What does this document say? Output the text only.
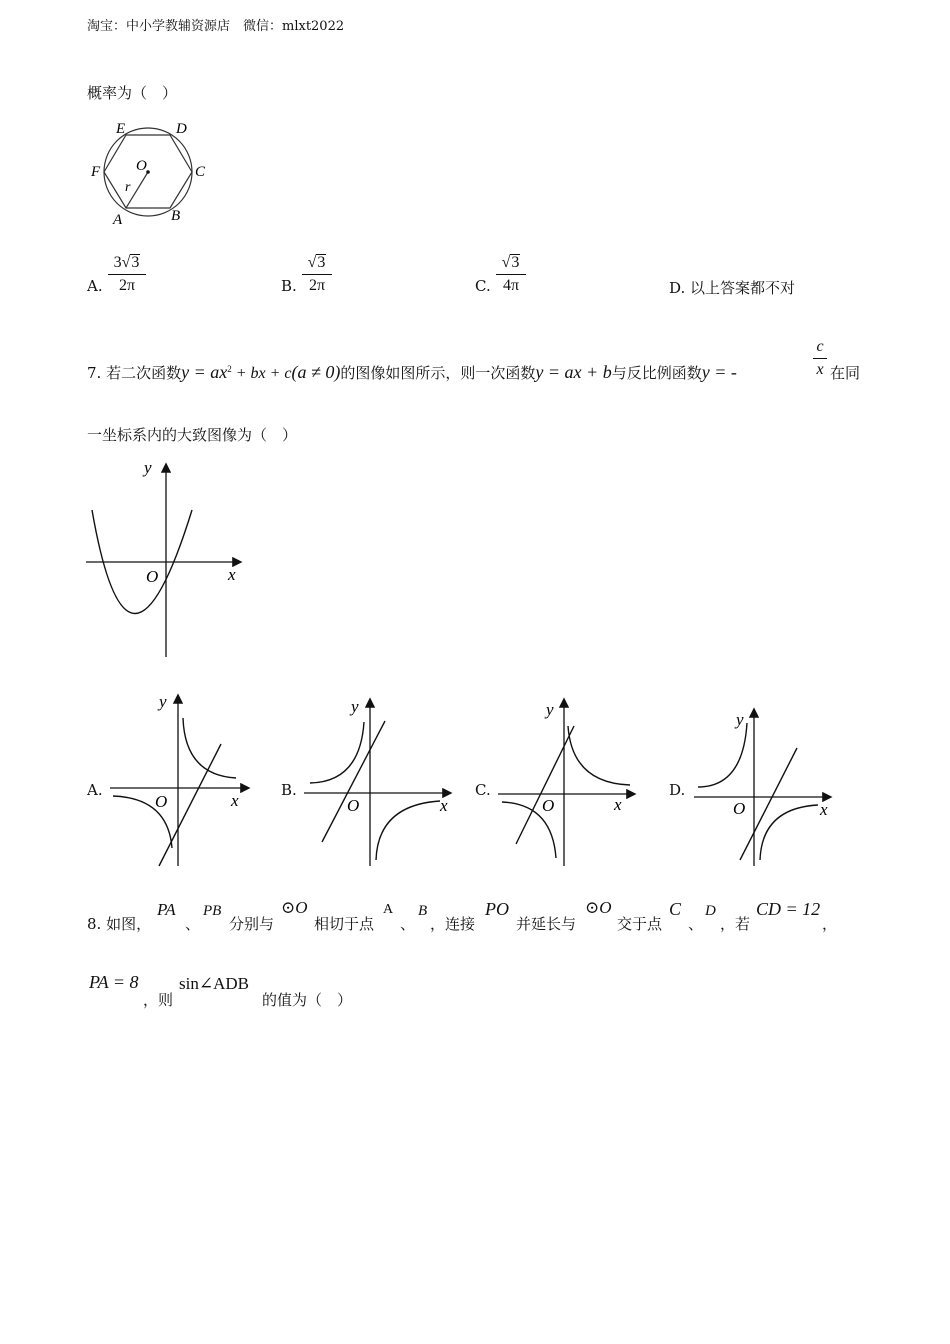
淘宝：中小学教辅资源店　微信：mlxt2022
概率为（　）
E	D
F	C
O
r
A	B
A.
3√3
2π	B.
√3
2π	C.
√3
4π	D. 以上答案都不对
7. 若二次函数$y = ax^2$ + bx + c(a ≠ 0)的图像如图所示，则一次函数y = ax + b与反比例函数y = -
c
x 在同
一坐标系内的大致图像为（　）
y
x
O
A.	B.	C.	D.
y
x
O
y
x
O
y
x
O
y
x
O
8. 如图，
PA
、
PB
分别与
⊙O
相切于点
A
、
B
，连接
PO
并延长与
⊙O
交于点
C
、
D
，若
CD = 12
，
PA = 8
，则
sin∠ADB
的值为（　）
